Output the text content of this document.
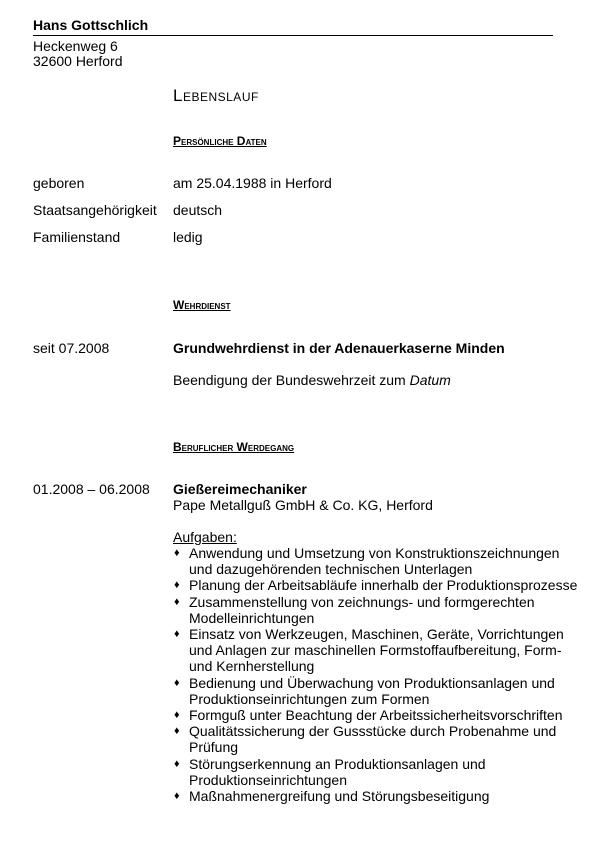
Hans Gottschlich
Heckenweg 6
32600 Herford
Lebenslauf
Persönliche Daten
geboren	am 25.04.1988 in Herford
Staatsangehörigkeit deutsch
Familienstand	ledig
Wehrdienst
seit 07.2008	Grundwehrdienst in der Adenauerkaserne Minden
Beendigung der Bundeswehrzeit zum Datum
Beruflicher Werdegang
01.2008 – 06.2008 Gießereimechaniker
Pape Metallguß GmbH & Co. KG, Herford
Aufgaben:
♦ Anwendung und Umsetzung von Konstruktionszeichnungen und dazugehörenden technischen Unterlagen
♦ Planung der Arbeitsabläufe innerhalb der Produktionsprozesse
♦ Zusammenstellung von zeichnungs- und formgerechten Modelleinrichtungen
♦ Einsatz von Werkzeugen, Maschinen, Geräte, Vorrichtungen und Anlagen zur maschinellen Formstoffaufbereitung, Form- und Kernherstellung
♦ Bedienung und Überwachung von Produktionsanlagen und Produktionseinrichtungen zum Formen
♦ Formguß unter Beachtung der Arbeitssicherheitsvorschriften
♦ Qualitätssicherung der Gussstücke durch Probenahme und Prüfung
♦ Störungserkennung an Produktionsanlagen und Produktionseinrichtungen
♦ Maßnahmenergreifung und Störungsbeseitigung
